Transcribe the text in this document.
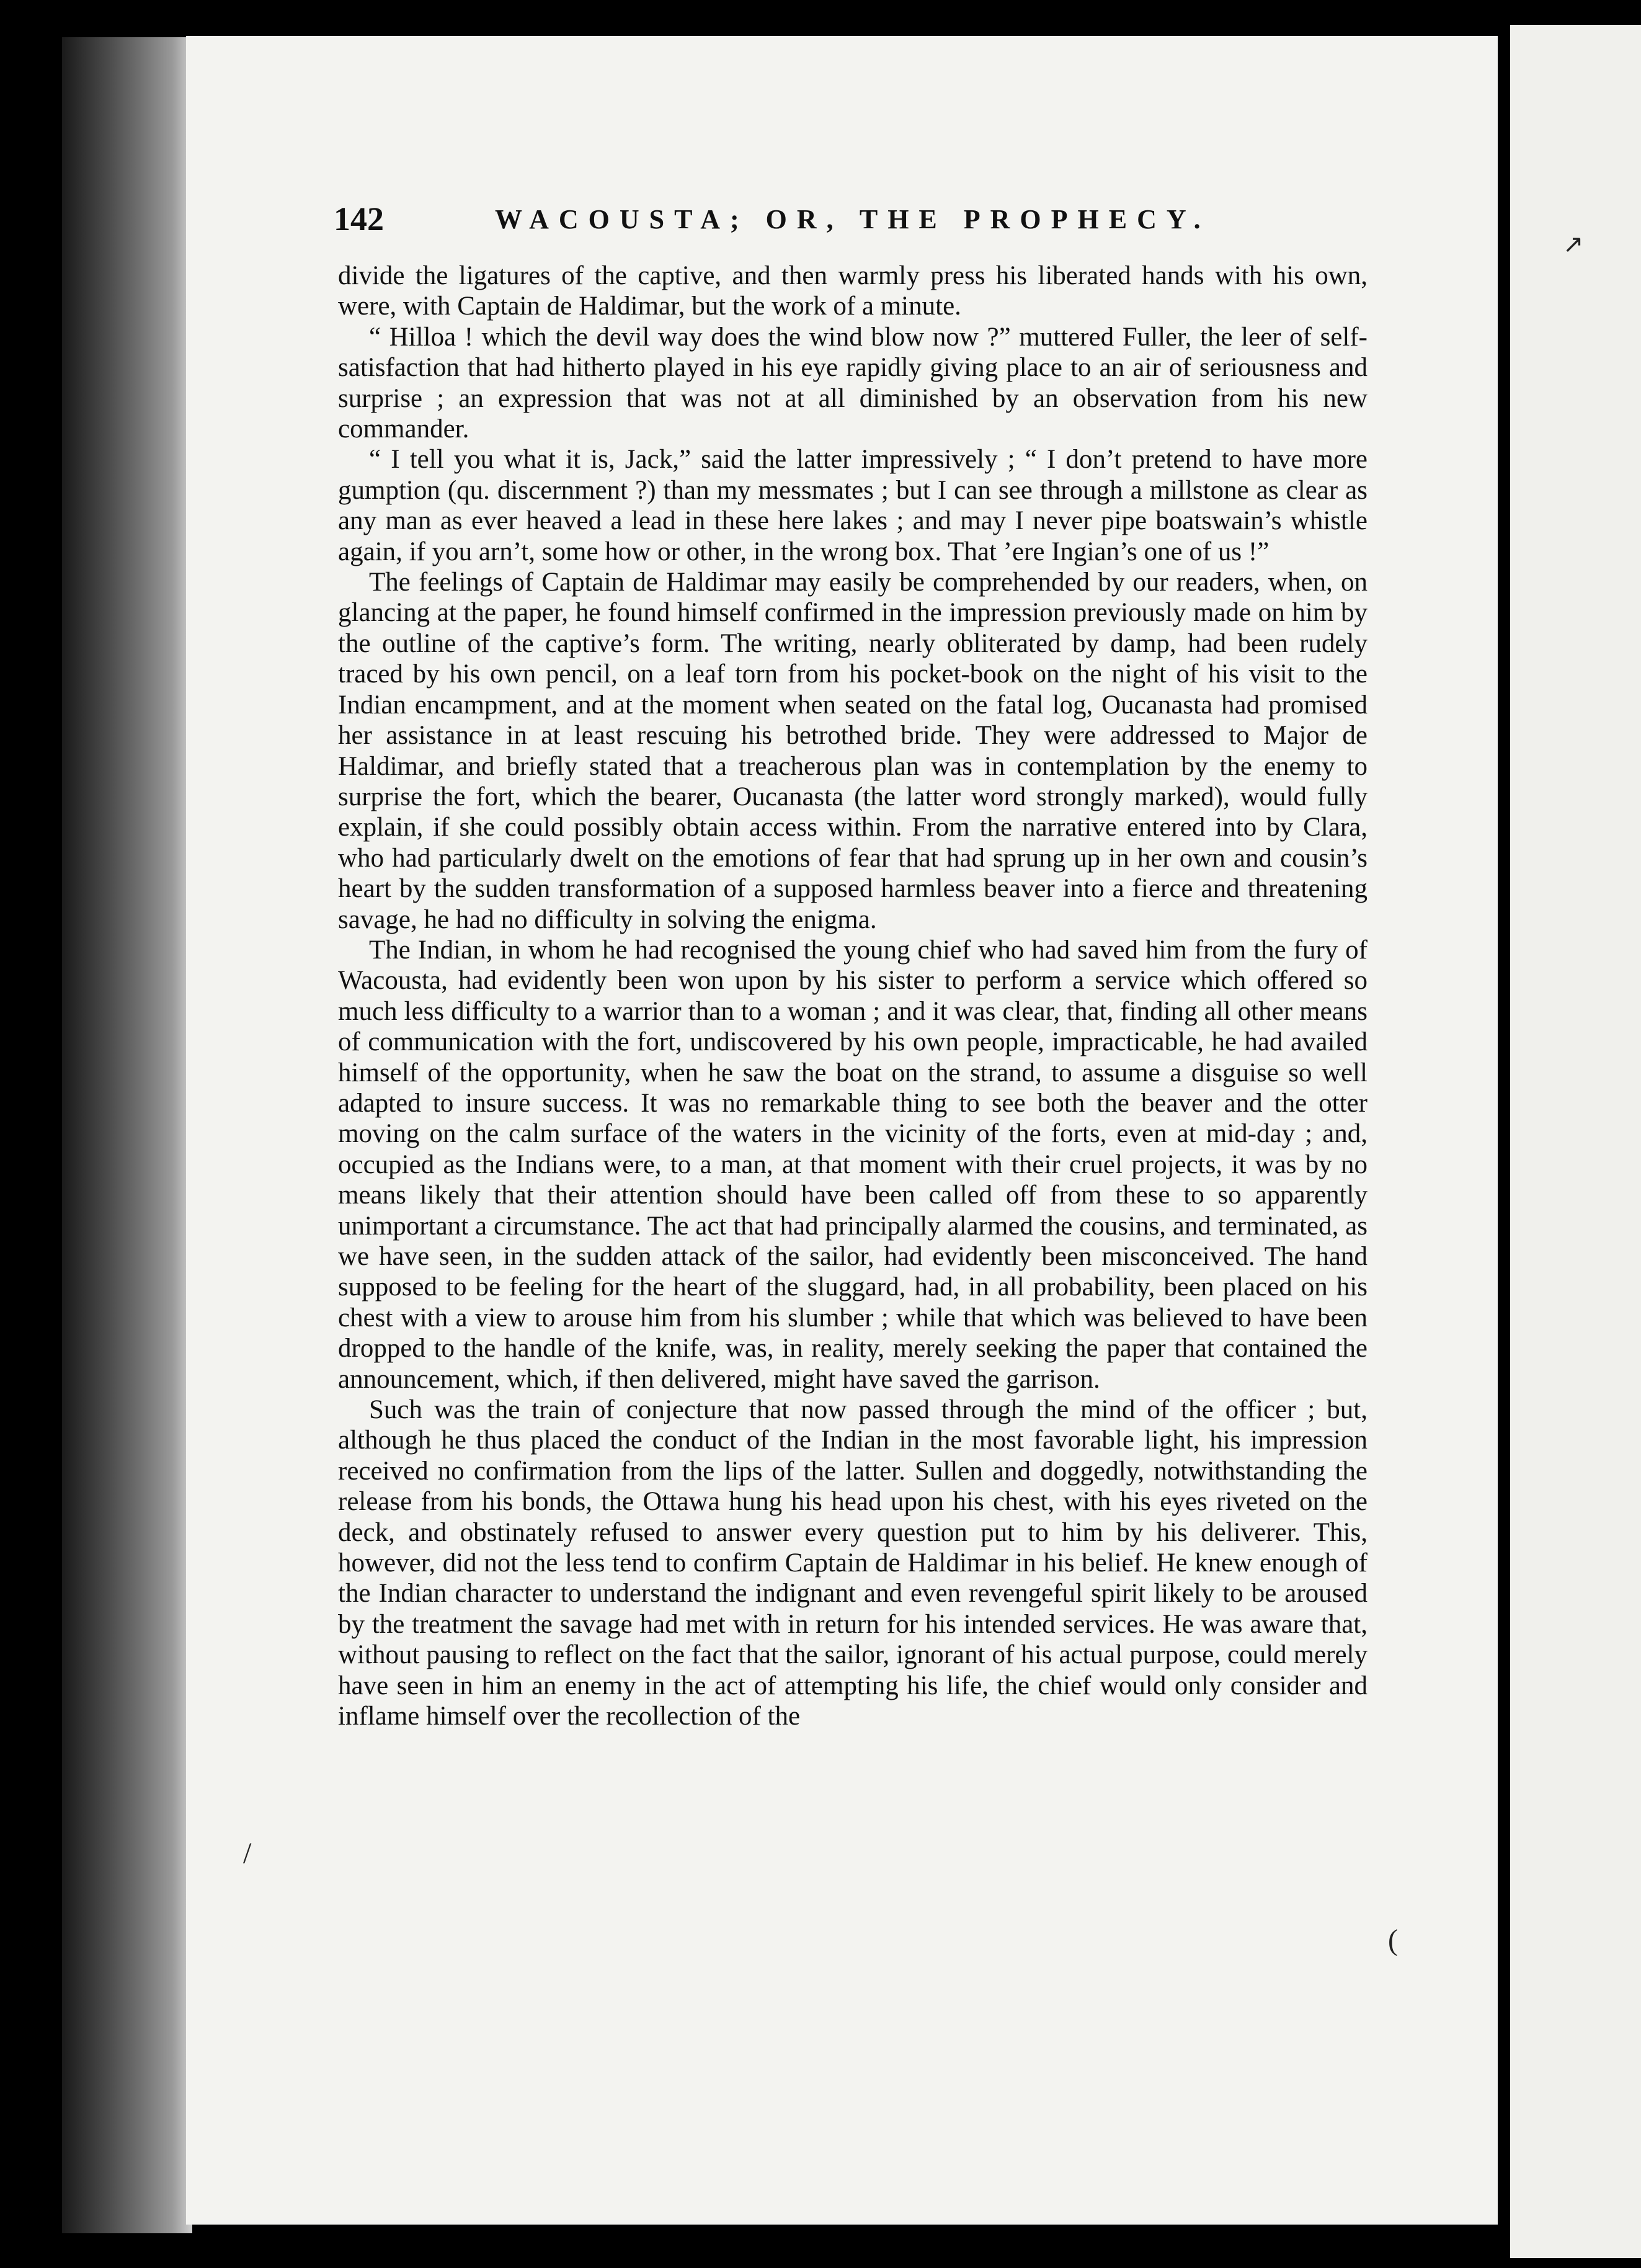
142	WACOUSTA; OR, THE PROPHECY.

divide the ligatures of the captive, and then warmly press his liberated hands with his own, were, with Captain de Haldimar, but the work of a minute.

“ Hilloa ! which the devil way does the wind blow now ?” muttered Fuller, the leer of self-satisfaction that had hitherto played in his eye rapidly giving place to an air of seriousness and surprise ; an expression that was not at all diminished by an observation from his new commander.

“ I tell you what it is, Jack,” said the latter impressively ; “ I don’t pretend to have more gumption (qu. discernment ?) than my messmates ; but I can see through a millstone as clear as any man as ever heaved a lead in these here lakes ; and may I never pipe boatswain’s whistle again, if you arn’t, some how or other, in the wrong box. That ’ere Ingian’s one of us !”

The feelings of Captain de Haldimar may easily be comprehended by our readers, when, on glancing at the paper, he found himself confirmed in the impression previously made on him by the outline of the captive’s form. The writing, nearly obliterated by damp, had been rudely traced by his own pencil, on a leaf torn from his pocket-book on the night of his visit to the Indian encampment, and at the moment when seated on the fatal log, Oucanasta had promised her assistance in at least rescuing his betrothed bride. They were addressed to Major de Haldimar, and briefly stated that a treacherous plan was in contemplation by the enemy to surprise the fort, which the bearer, Oucanasta (the latter word strongly marked), would fully explain, if she could possibly obtain access within. From the narrative entered into by Clara, who had particularly dwelt on the emotions of fear that had sprung up in her own and cousin’s heart by the sudden transformation of a supposed harmless beaver into a fierce and threatening savage, he had no difficulty in solving the enigma.

The Indian, in whom he had recognised the young chief who had saved him from the fury of Wacousta, had evidently been won upon by his sister to perform a service which offered so much less difficulty to a warrior than to a woman ; and it was clear, that, finding all other means of communication with the fort, undiscovered by his own people, impracticable, he had availed himself of the opportunity, when he saw the boat on the strand, to assume a disguise so well adapted to insure success. It was no remarkable thing to see both the beaver and the otter moving on the calm surface of the waters in the vicinity of the forts, even at mid-day ; and, occupied as the Indians were, to a man, at that moment with their cruel projects, it was by no means likely that their attention should have been called off from these to so apparently unimportant a circumstance. The act that had principally alarmed the cousins, and terminated, as we have seen, in the sudden attack of the sailor, had evidently been misconceived. The hand supposed to be feeling for the heart of the sluggard, had, in all probability, been placed on his chest with a view to arouse him from his slumber ; while that which was believed to have been dropped to the handle of the knife, was, in reality, merely seeking the paper that contained the announcement, which, if then delivered, might have saved the garrison.

Such was the train of conjecture that now passed through the mind of the officer ; but, although he thus placed the conduct of the Indian in the most favorable light, his impression received no confirmation from the lips of the latter. Sullen and doggedly, notwithstanding the release from his bonds, the Ottawa hung his head upon his chest, with his eyes riveted on the deck, and obstinately refused to answer every question put to him by his deliverer. This, however, did not the less tend to confirm Captain de Haldimar in his belief. He knew enough of the Indian character to understand the indignant and even revengeful spirit likely to be aroused by the treatment the savage had met with in return for his intended services. He was aware that, without pausing to reflect on the fact that the sailor, ignorant of his actual purpose, could merely have seen in him an enemy in the act of attempting his life, the chief would only consider and inflame himself over the recollection of the

/
↗
(
